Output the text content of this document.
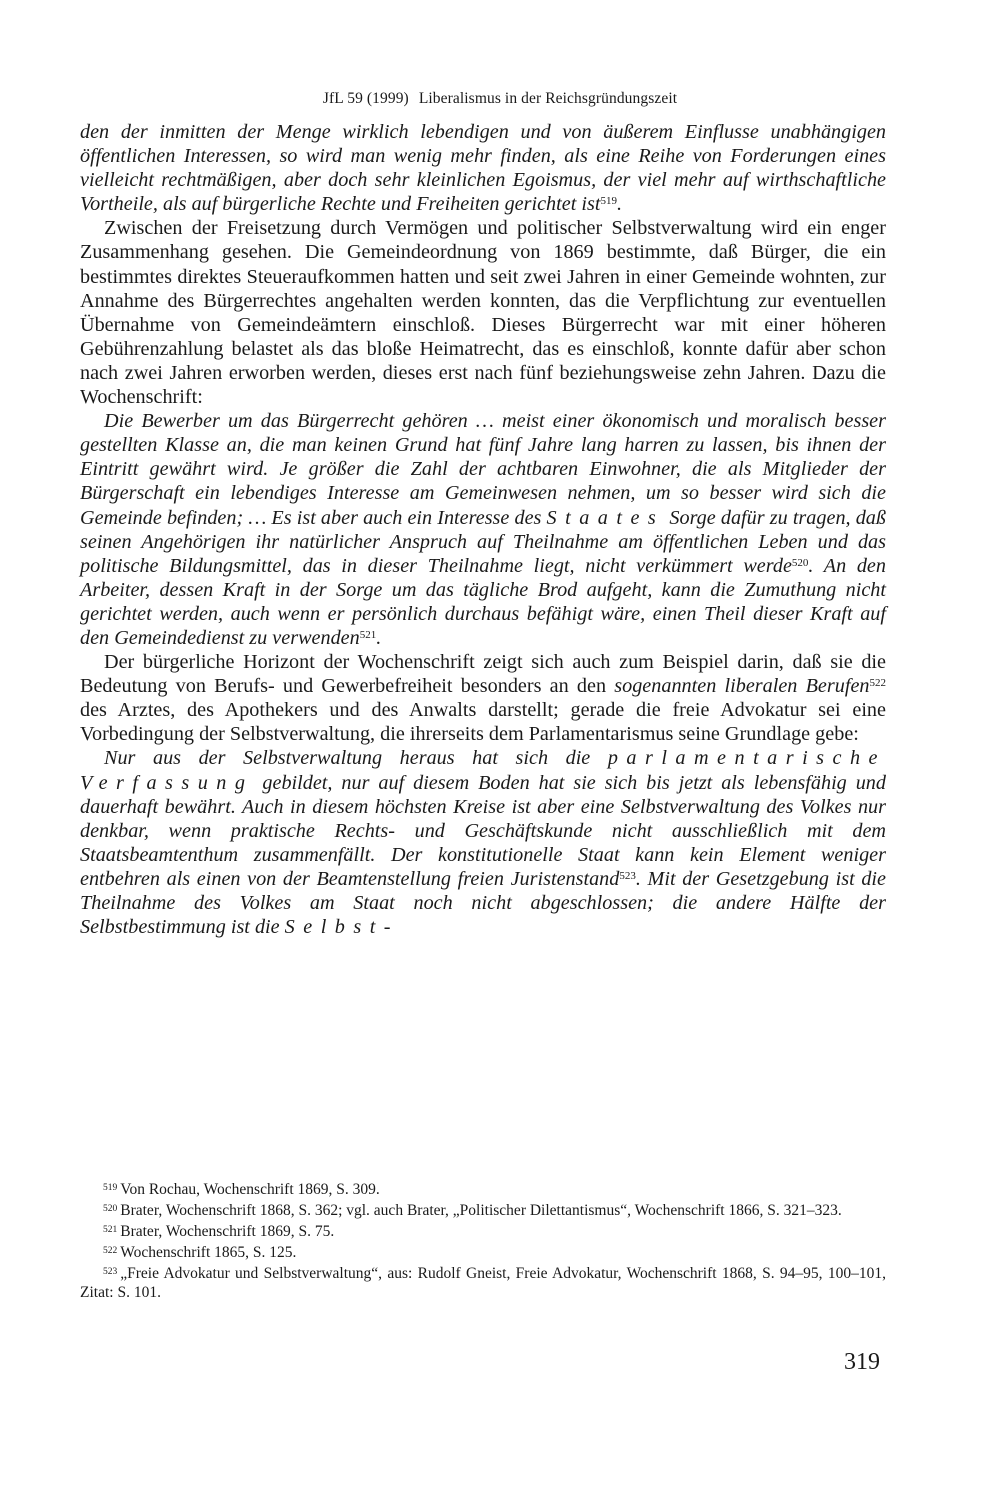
JfL 59 (1999) Liberalismus in der Reichsgründungszeit

den der inmitten der Menge wirklich lebendigen und von äußerem Einflusse unabhängigen öffentlichen Interessen, so wird man wenig mehr finden, als eine Reihe von Forderungen eines vielleicht rechtmäßigen, aber doch sehr kleinlichen Egoismus, der viel mehr auf wirthschaftliche Vortheile, als auf bürgerliche Rechte und Freiheiten gerichtet ist$^{519}$.

Zwischen der Freisetzung durch Vermögen und politischer Selbstverwaltung wird ein enger Zusammenhang gesehen. Die Gemeindeordnung von 1869 bestimmte, daß Bürger, die ein bestimmtes direktes Steueraufkommen hatten und seit zwei Jahren in einer Gemeinde wohnten, zur Annahme des Bürgerrechtes angehalten werden konnten, das die Verpflichtung zur eventuellen Übernahme von Gemeindeämtern einschloß. Dieses Bürgerrecht war mit einer höheren Gebührenzahlung belastet als das bloße Heimatrecht, das es einschloß, konnte dafür aber schon nach zwei Jahren erworben werden, dieses erst nach fünf beziehungsweise zehn Jahren. Dazu die Wochenschrift:

Die Bewerber um das Bürgerrecht gehören … meist einer ökonomisch und moralisch besser gestellten Klasse an, die man keinen Grund hat fünf Jahre lang harren zu lassen, bis ihnen der Eintritt gewährt wird. Je größer die Zahl der achtbaren Einwohner, die als Mitglieder der Bürgerschaft ein lebendiges Interesse am Gemeinwesen nehmen, um so besser wird sich die Gemeinde befinden; … Es ist aber auch ein Interesse des Staates Sorge dafür zu tragen, daß seinen Angehörigen ihr natürlicher Anspruch auf Theilnahme am öffentlichen Leben und das politische Bildungsmittel, das in dieser Theilnahme liegt, nicht verkümmert werde$^{520}$. An den Arbeiter, dessen Kraft in der Sorge um das tägliche Brod aufgeht, kann die Zumuthung nicht gerichtet werden, auch wenn er persönlich durchaus befähigt wäre, einen Theil dieser Kraft auf den Gemeindedienst zu verwenden$^{521}$.

Der bürgerliche Horizont der Wochenschrift zeigt sich auch zum Beispiel darin, daß sie die Bedeutung von Berufs- und Gewerbefreiheit besonders an den sogenannten liberalen Berufen$^{522}$ des Arztes, des Apothekers und des Anwalts darstellt; gerade die freie Advokatur sei eine Vorbedingung der Selbstverwaltung, die ihrerseits dem Parlamentarismus seine Grundlage gebe:

Nur aus der Selbstverwaltung heraus hat sich die parlamentarische Verfassung gebildet, nur auf diesem Boden hat sie sich bis jetzt als lebensfähig und dauerhaft bewährt. Auch in diesem höchsten Kreise ist aber eine Selbstverwaltung des Volkes nur denkbar, wenn praktische Rechts- und Geschäftskunde nicht ausschließlich mit dem Staatsbeamtenthum zusammenfällt. Der konstitutionelle Staat kann kein Element weniger entbehren als einen von der Beamtenstellung freien Juristenstand$^{523}$. Mit der Gesetzgebung ist die Theilnahme des Volkes am Staat noch nicht abgeschlossen; die andere Hälfte der Selbstbestimmung ist die Selbst-

$^{519}$ Von Rochau, Wochenschrift 1869, S. 309.

$^{520}$ Brater, Wochenschrift 1868, S. 362; vgl. auch Brater, „Politischer Dilettantismus“, Wochenschrift 1866, S. 321–323.

$^{521}$ Brater, Wochenschrift 1869, S. 75.

$^{522}$ Wochenschrift 1865, S. 125.

$^{523}$ „Freie Advokatur und Selbstverwaltung“, aus: Rudolf Gneist, Freie Advokatur, Wochenschrift 1868, S. 94–95, 100–101, Zitat: S. 101.

319
